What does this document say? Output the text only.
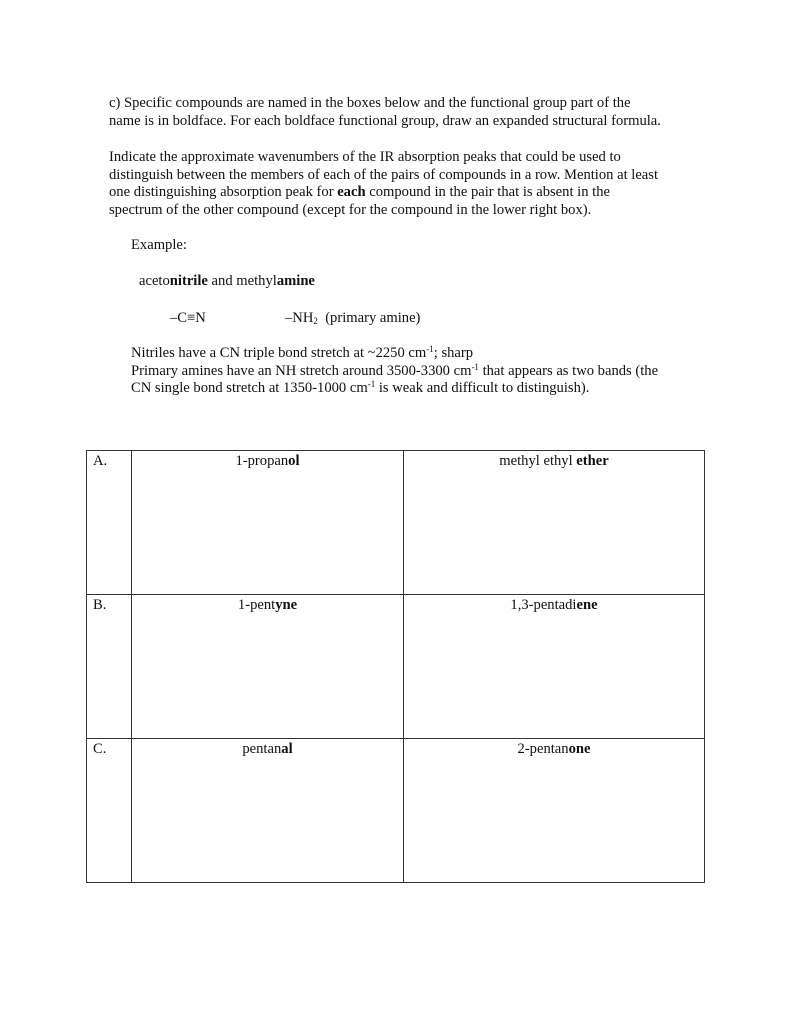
c) Specific compounds are named in the boxes below and the functional group part of the
name is in boldface. For each boldface functional group, draw an expanded structural formula.

Indicate the approximate wavenumbers of the IR absorption peaks that could be used to
distinguish between the members of each of the pairs of compounds in a row. Mention at least
one distinguishing absorption peak for each compound in the pair that is absent in the
spectrum of the other compound (except for the compound in the lower right box).

Example:

acetonitrile and methylamine

–C≡N	$-NH_2$  (primary amine)

Nitriles have a CN triple bond stretch at ~2250 $cm^{-1}$; sharp
Primary amines have an NH stretch around 3500-3300 $cm^{-1}$ that appears as two bands (the
CN single bond stretch at 1350-1000 $cm^{-1}$ is weak and difficult to distinguish).

A.	1-propanol	methyl ethyl ether
B.	1-pentyne	1,3-pentadiene
C.	pentanal	2-pentanone
